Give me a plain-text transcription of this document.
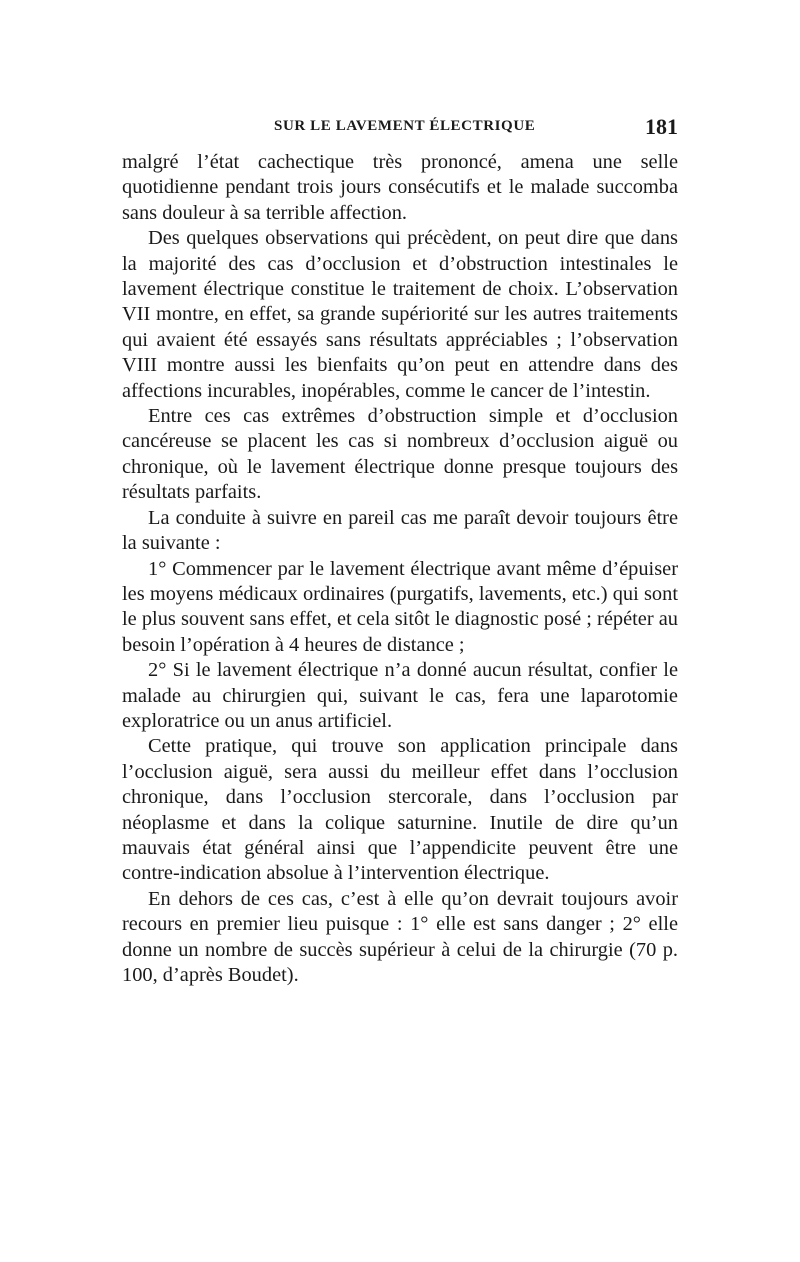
SUR LE LAVEMENT ÉLECTRIQUE	181

malgré l’état cachectique très prononcé, amena une selle quotidienne pendant trois jours consécutifs et le malade succomba sans douleur à sa terrible affection.

Des quelques observations qui précèdent, on peut dire que dans la majorité des cas d’occlusion et d’obstruction intestinales le lavement électrique constitue le traitement de choix. L’observation VII montre, en effet, sa grande supériorité sur les autres traitements qui avaient été essayés sans résultats appréciables ; l’observation VIII montre aussi les bienfaits qu’on peut en attendre dans des affections incurables, inopérables, comme le cancer de l’intestin.

Entre ces cas extrêmes d’obstruction simple et d’occlusion cancéreuse se placent les cas si nombreux d’occlusion aiguë ou chronique, où le lavement électrique donne presque toujours des résultats parfaits.

La conduite à suivre en pareil cas me paraît devoir toujours être la suivante :

1° Commencer par le lavement électrique avant même d’épuiser les moyens médicaux ordinaires (purgatifs, lavements, etc.) qui sont le plus souvent sans effet, et cela sitôt le diagnostic posé ; répéter au besoin l’opération à 4 heures de distance ;

2° Si le lavement électrique n’a donné aucun résultat, confier le malade au chirurgien qui, suivant le cas, fera une laparotomie exploratrice ou un anus artificiel.

Cette pratique, qui trouve son application principale dans l’occlusion aiguë, sera aussi du meilleur effet dans l’occlusion chronique, dans l’occlusion stercorale, dans l’occlusion par néoplasme et dans la colique saturnine. Inutile de dire qu’un mauvais état général ainsi que l’appendicite peuvent être une contre-indication absolue à l’intervention électrique.

En dehors de ces cas, c’est à elle qu’on devrait toujours avoir recours en premier lieu puisque : 1° elle est sans danger ; 2° elle donne un nombre de succès supérieur à celui de la chirurgie (70 p. 100, d’après Boudet).
